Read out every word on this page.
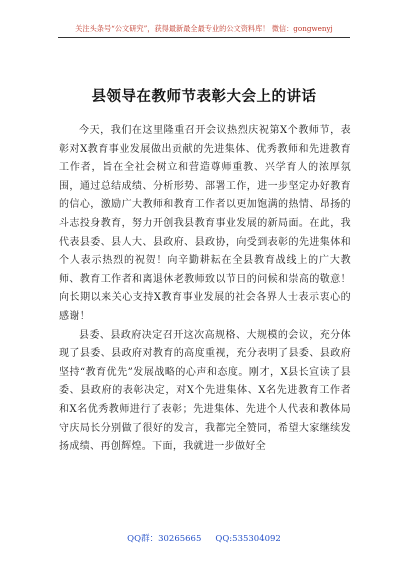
关注头条号“公文研究”，获得最新最全最专业的公文资料库！ 微信：gongwenyj
县领导在教师节表彰大会上的讲话

今天，我们在这里隆重召开会议热烈庆祝第X个教师节，表彰对X教育事业发展做出贡献的先进集体、优秀教师和先进教育工作者，旨在全社会树立和营造尊师重教、兴学育人的浓厚氛围，通过总结成绩、分析形势、部署工作，进一步坚定办好教育的信心，激励广大教师和教育工作者以更加饱满的热情、昂扬的斗志投身教育，努力开创我县教育事业发展的新局面。在此，我代表县委、县人大、县政府、县政协，向受到表彰的先进集体和个人表示热烈的祝贺！向辛勤耕耘在全县教育战线上的广大教师、教育工作者和离退休老教师致以节日的问候和崇高的敬意！向长期以来关心支持X教育事业发展的社会各界人士表示衷心的感谢！

县委、县政府决定召开这次高规格、大规模的会议，充分体现了县委、县政府对教育的高度重视，充分表明了县委、县政府坚持“教育优先”发展战略的心声和态度。刚才，X县长宣读了县委、县政府的表彰决定，对X个先进集体、X名先进教育工作者和X名优秀教师进行了表彰；先进集体、先进个人代表和教体局守庆局长分别做了很好的发言，我都完全赞同，希望大家继续发扬成绩、再创辉煌。下面，我就进一步做好全

QQ群：30265665 QQ:535304092
